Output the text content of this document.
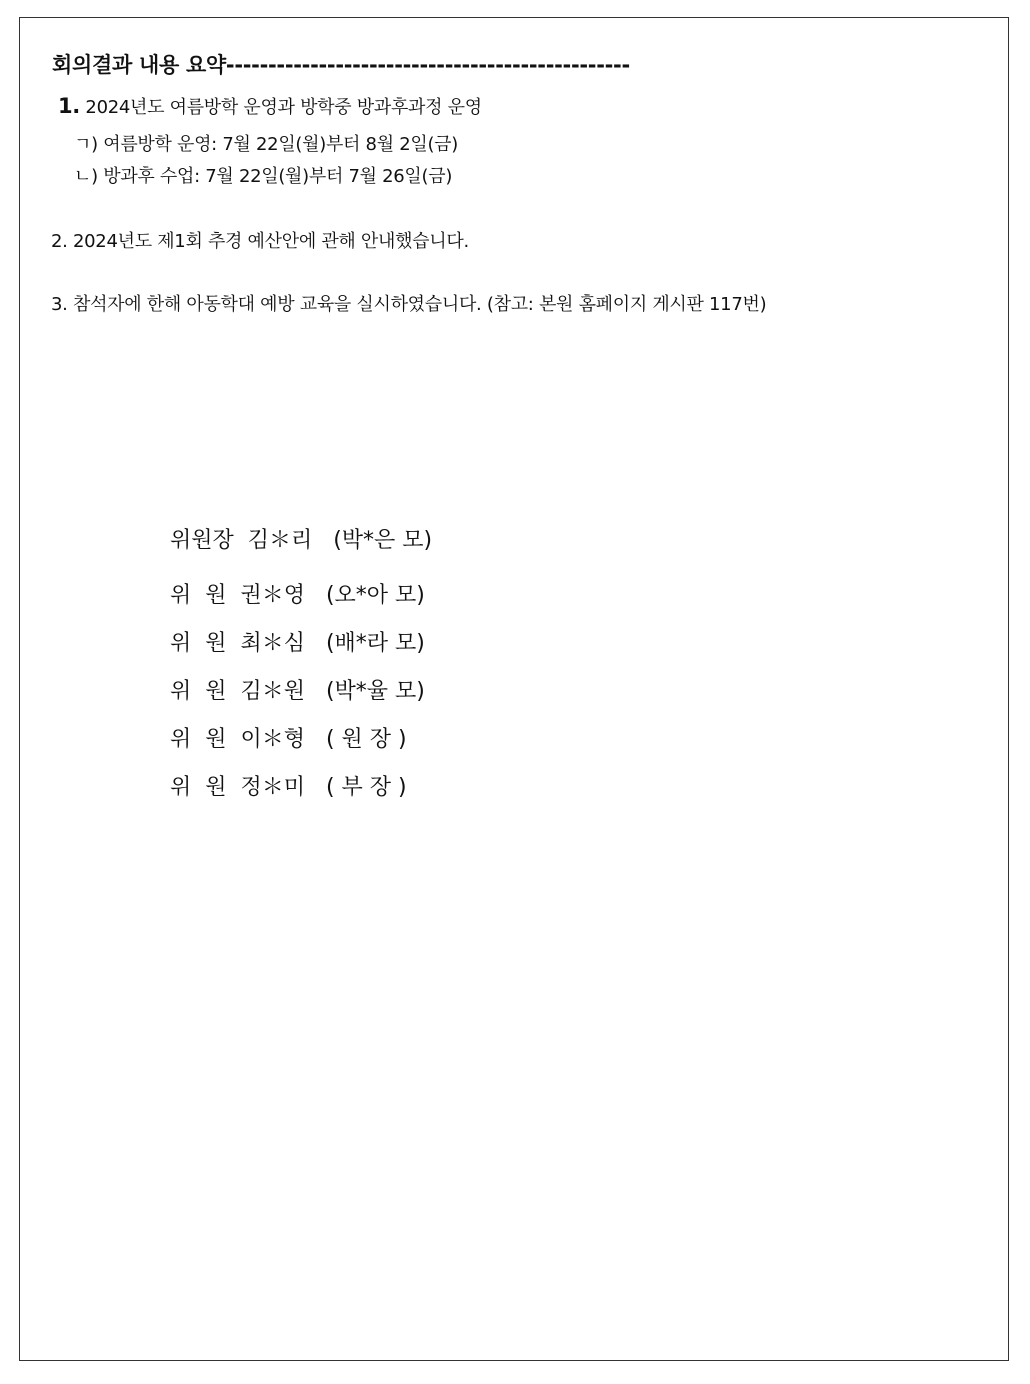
회의결과 내용 요약------------------------------------------------
1. 2024년도 여름방학 운영과 방학중 방과후과정 운영
ㄱ) 여름방학 운영: 7월 22일(월)부터 8월 2일(금)
ㄴ) 방과후 수업: 7월 22일(월)부터 7월 26일(금)
2. 2024년도 제1회 추경 예산안에 관해 안내했습니다.
3. 참석자에 한해 아동학대 예방 교육을 실시하였습니다. (참고: 본원 홈페이지 게시판 117번)
위원장  김＊리   (박*은 모)
위  원  권＊영   (오*아 모)
위  원  최＊심   (배*라 모)
위  원  김＊원   (박*율 모)
위  원  이＊형   ( 원 장 )
위  원  정＊미   ( 부 장 )
